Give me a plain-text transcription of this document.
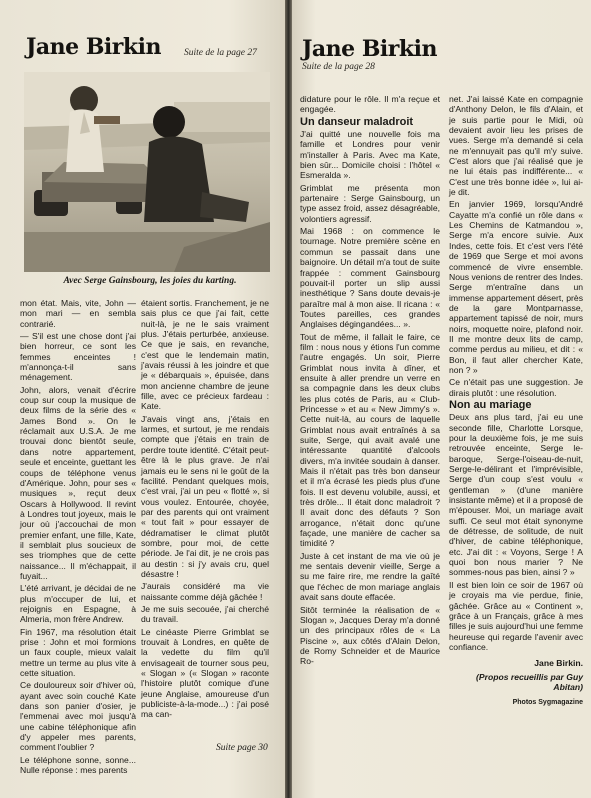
Jane Birkin Suite de la page 27
Avec Serge Gainsbourg, les joies du karting.

mon état. Mais, vite, John — mon mari — en sembla contrarié.

— S'il est une chose dont j'ai bien horreur, ce sont les femmes enceintes ! m'annonça-t-il sans ménagement.

John, alors, venait d'écrire coup sur coup la musique de deux films de la série des « James Bond ». On le réclamait aux U.S.A. Je me trouvai donc bientôt seule, dans notre appartement, seule et enceinte, guettant les coups de téléphone venus d'Amérique. John, pour ses « musiques », reçut deux Oscars à Hollywood. Il revint à Londres tout joyeux, mais le jour où j'accouchai de mon premier enfant, une fille, Kate, il semblait plus soucieux de ses triomphes que de cette naissance... Il m'échappait, il fuyait...

L'été arrivant, je décidai de ne plus m'occuper de lui, et rejoignis en Espagne, à Almeria, mon frère Andrew.

Fin 1967, ma résolution était prise : John et moi formions un faux couple, mieux valait mettre un terme au plus vite à cette situation.

Ce douloureux soir d'hiver où, ayant avec soin couché Kate dans son panier d'osier, je l'emmenai avec moi jusqu'à une cabine téléphonique afin d'y appeler mes parents, comment l'oublier ?

Le téléphone sonne, sonne... Nulle réponse : mes parents

étaient sortis. Franchement, je ne sais plus ce que j'ai fait, cette nuit-là, je ne le sais vraiment plus. J'étais perturbée, anxieuse. Ce que je sais, en revanche, c'est que le lendemain matin, j'avais réussi à les joindre et que je « débarquais », épuisée, dans mon ancienne chambre de jeune fille, avec ce précieux fardeau : Kate.

J'avais vingt ans, j'étais en larmes, et surtout, je me rendais compte que j'étais en train de perdre toute identité. C'était peut-être là le plus grave. Je n'ai jamais eu le sens ni le goût de la facilité. Pendant quelques mois, c'est vrai, j'ai un peu « flotté », si vous voulez. Entourée, choyée, par des parents qui ont vraiment « tout fait » pour essayer de dédramatiser le climat plutôt sombre, pour moi, de cette période. Je l'ai dit, je ne crois pas au destin : si j'y avais cru, quel désastre !

J'aurais considéré ma vie naissante comme déjà gâchée !

Je me suis secouée, j'ai cherché du travail.

Le cinéaste Pierre Grimblat se trouvait à Londres, en quête de la vedette du film qu'il envisageait de tourner sous peu, « Slogan » (« Slogan » racontе l'histoire plutôt comique d'une jeune Anglaise, amoureuse d'un publiciste-à-la-mode...) : j'ai posé ma can-

Suite page 30
Jane Birkin
Suite de la page 28

didature pour le rôle. Il m'a reçue et engagée.

Un danseur maladroit

J'ai quitté une nouvelle fois ma famille et Londres pour venir m'installer à Paris. Avec ma Kate, bien sûr... Domicile choisi : l'hôtel « Esmeralda ».

Grimblat me présenta mon partenaire : Serge Gainsbourg, un type assez froid, assez désagréable, volontiers agressif.

Mai 1968 : on commence le tournage. Notre première scène en commun se passait dans une baignoire. Un détail m'a tout de suite frappée : comment Gainsbourg pouvait-il porter un slip aussi inesthétique ? Sans doute devais-je paraître mal à mon aise. Il ricana : « Toutes pareilles, ces grandes Anglaises dégingandées... ».

Tout de même, il fallait le faire, ce film : nous nous y étions l'un comme l'autre engagés. Un soir, Pierre Grimblat nous invita à dîner, et ensuite à aller prendre un verre en sa compagnie dans les deux clubs les plus cotés de Paris, au « Club-Princesse » et au « New Jimmy's ». Cette nuit-là, au cours de laquelle Grimblat nous avait entraînés à sa suite, Serge, qui avait avalé une intéressante quantité d'alcools divers, m'a invitée soudain à danser. Mais il n'était pas très bon danseur et il m'a écrasé les pieds plus d'une fois. Il est devenu volubile, aussi, et très drôle... Il était donc maladroit ? Il avait donc des défauts ? Son arrogance, n'était donc qu'une façade, une manière de cacher sa timidité ?

Juste à cet instant de ma vie où je me sentais devenir vieille, Serge a su me faire rire, me rendre la gaîté que l'échec de mon mariage anglais avait sans doute effacée.

Sitôt terminée la réalisation de « Slogan », Jacques Deray m'a donné un des principaux rôles de « La Piscine », aux côtés d'Alain Delon, de Romy Schneider et de Maurice Ro-

net. J'ai laissé Kate en compagnie d'Anthony Delon, le fils d'Alain, et je suis partie pour le Midi, où devaient avoir lieu les prises de vues. Serge m'a demandé si cela ne m'ennuyait pas qu'il m'y suive. C'est alors que j'ai réalisé que je ne lui étais pas indifférente... « C'est une très bonne idée », lui ai-je dit.

En janvier 1969, lorsqu'André Cayatte m'a confié un rôle dans « Les Chemins de Katmandou », Serge m'a encore suivie. Aux Indes, cette fois. Et c'est vers l'été de 1969 que Serge et moi avons commencé de vivre ensemble. Nous venions de rentrer des Indes. Serge m'entraîne dans un immense appartement désert, près de la gare Montparnasse, appartement tapissé de noir, murs noirs, moquette noire, plafond noir. Il me montre deux lits de camp, comme perdus au milieu, et dit : « Bon, il faut aller chercher Kate, non ? »

Ce n'était pas une suggestion. Je dirais plutôt : une résolution.

Non au mariage

Deux ans plus tard, j'ai eu une seconde fille, Charlotte Lorsque, pour la deuxième fois, je me suis retrouvée enceinte, Serge le-baroque, Serge-l'oiseau-de-nuit, Serge-le-délirant et l'imprévisible, Serge d'un coup s'est voulu « gentleman » (d'une manière insistante même) et il a proposé de m'épouser. Moi, un mariage avait suffi. Ce seul mot était synonyme de détresse, de solitude, de nuit d'hiver, de cabine téléphonique, etc. J'ai dit : « Voyons, Serge ! A quoi bon nous marier ? Ne sommes-nous pas bien, ainsi ? »

Il est bien loin ce soir de 1967 où je croyais ma vie perdue, finie, gâchée. Grâce au « Continent », grâce à un Français, grâce à mes filles je suis aujourd'hui une femme heureuse qui regarde l'avenir avec confiance.

Jane Birkin.
(Propos recueillis par Guy Abitan)
Photos Sygmagazine
